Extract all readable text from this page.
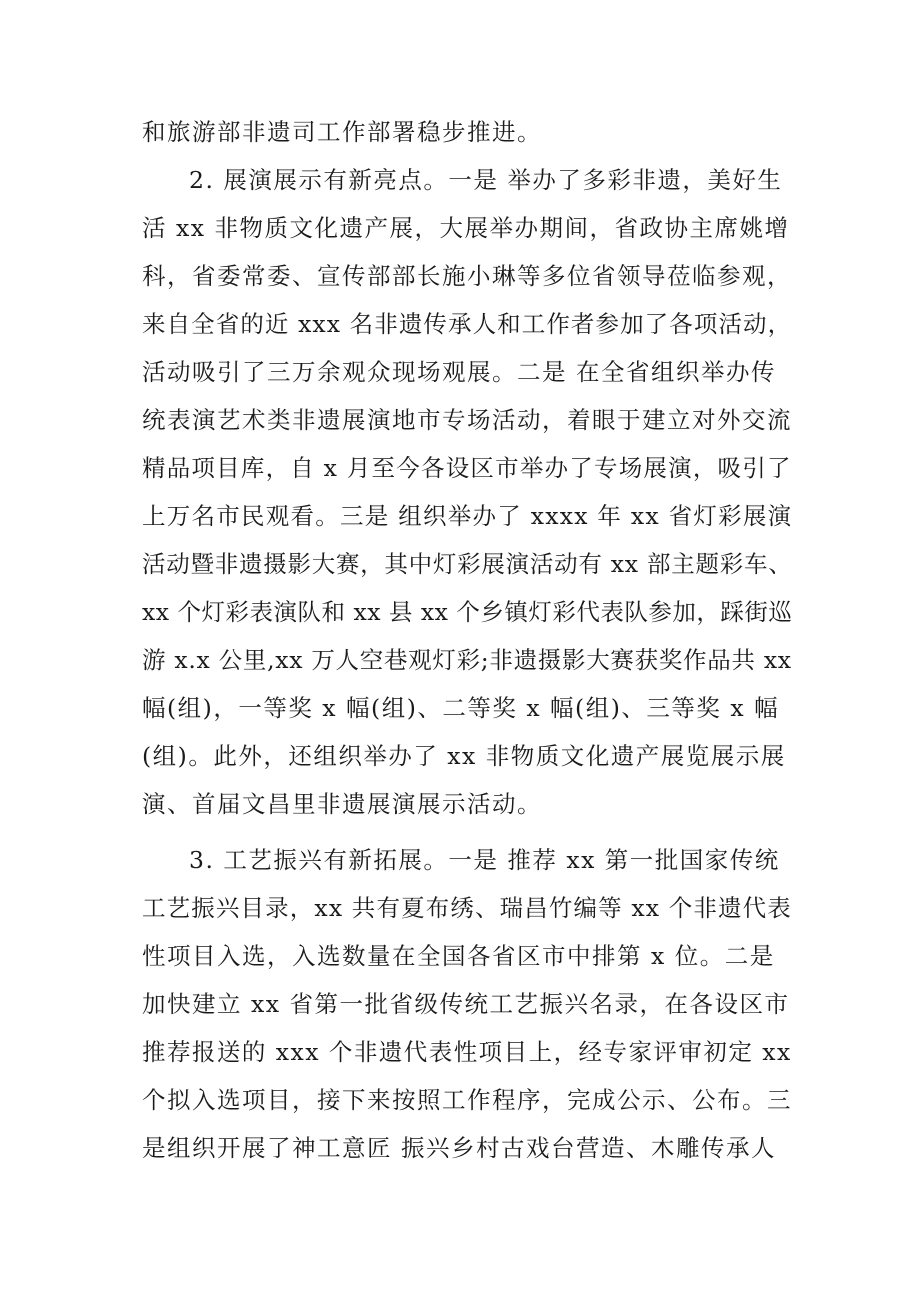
和旅游部非遗司工作部署稳步推进。
2. 展演展示有新亮点。一是 举办了多彩非遗，美好生
活 xx 非物质文化遗产展，大展举办期间，省政协主席姚增
科，省委常委、宣传部部长施小琳等多位省领导莅临参观，
来自全省的近 xxx 名非遗传承人和工作者参加了各项活动，
活动吸引了三万余观众现场观展。二是 在全省组织举办传
统表演艺术类非遗展演地市专场活动，着眼于建立对外交流
精品项目库，自 x 月至今各设区市举办了专场展演，吸引了
上万名市民观看。三是 组织举办了 xxxx 年 xx 省灯彩展演
活动暨非遗摄影大赛，其中灯彩展演活动有 xx 部主题彩车、
xx 个灯彩表演队和 xx 县 xx 个乡镇灯彩代表队参加，踩街巡
游 x.x 公里,xx 万人空巷观灯彩;非遗摄影大赛获奖作品共 xx
幅(组)，一等奖 x 幅(组)、二等奖 x 幅(组)、三等奖 x 幅
(组)。此外，还组织举办了 xx 非物质文化遗产展览展示展
演、首届文昌里非遗展演展示活动。
3. 工艺振兴有新拓展。一是 推荐 xx 第一批国家传统
工艺振兴目录，xx 共有夏布绣、瑞昌竹编等 xx 个非遗代表
性项目入选，入选数量在全国各省区市中排第 x 位。二是
加快建立 xx 省第一批省级传统工艺振兴名录，在各设区市
推荐报送的 xxx 个非遗代表性项目上，经专家评审初定 xx
个拟入选项目，接下来按照工作程序，完成公示、公布。三
是组织开展了神工意匠 振兴乡村古戏台营造、木雕传承人
